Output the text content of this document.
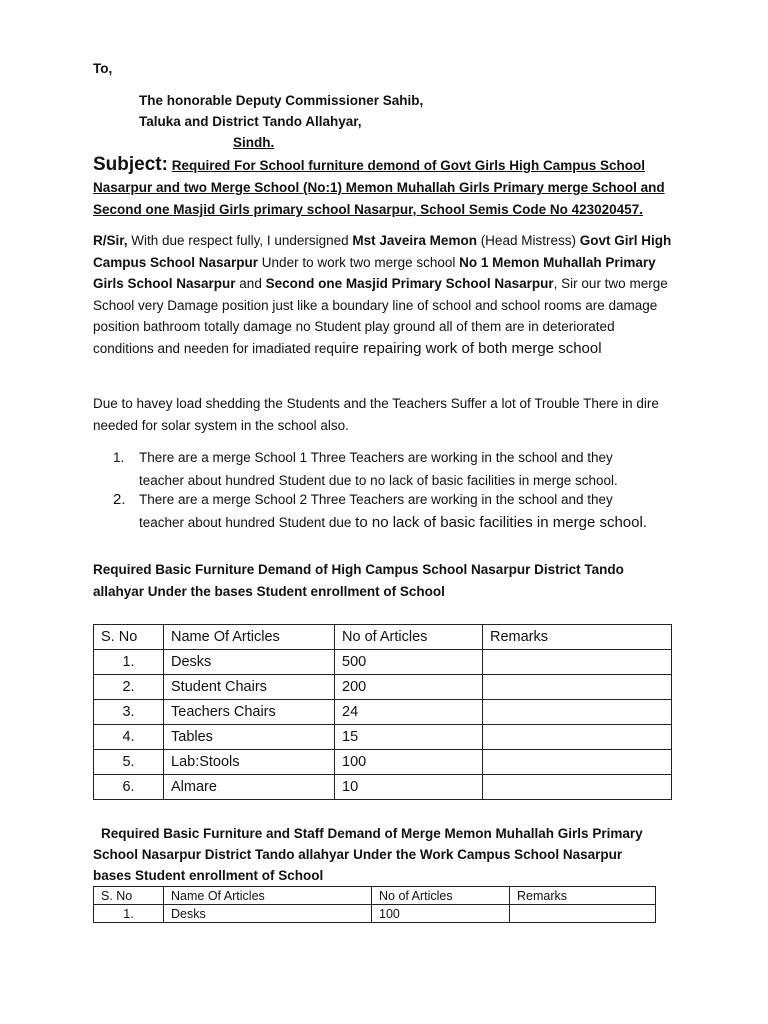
To,
The honorable Deputy Commissioner Sahib,
Taluka and District Tando Allahyar,
Sindh.
Subject: Required For School furniture demond of Govt Girls High Campus School Nasarpur and two Merge School (No:1) Memon Muhallah Girls Primary merge School and Second one Masjid Girls primary school Nasarpur, School Semis Code No 423020457.
R/Sir, With due respect fully, I undersigned Mst Javeira Memon (Head Mistress) Govt Girl High Campus School Nasarpur Under to work two merge school No 1 Memon Muhallah Primary Girls School Nasarpur and Second one Masjid Primary School Nasarpur, Sir our two merge School very Damage position just like a boundary line of school and school rooms are damage position bathroom totally damage no Student play ground all of them are in deteriorated conditions and needen for imadiated require repairing work of both merge school
Due to havey load shedding the Students and the Teachers Suffer a lot of Trouble There in dire needed for solar system in the school also.
1. There are a merge School 1 Three Teachers are working in the school and they teacher about hundred Student due to no lack of basic facilities in merge school.
2. There are a merge School 2 Three Teachers are working in the school and they teacher about hundred Student due to no lack of basic facilities in merge school.
Required Basic Furniture Demand of High Campus School Nasarpur District Tando allahyar Under the bases Student enrollment of School
S. No	Name Of Articles	No of Articles	Remarks
1.	Desks	500	
2.	Student Chairs	200	
3.	Teachers Chairs	24	
4.	Tables	15	
5.	Lab:Stools	100	
6.	Almare	10	
Required Basic Furniture and Staff Demand of Merge Memon Muhallah Girls Primary School Nasarpur District Tando allahyar Under the Work Campus School Nasarpur bases Student enrollment of School
S. No	Name Of Articles	No of Articles	Remarks
1.	Desks	100	
